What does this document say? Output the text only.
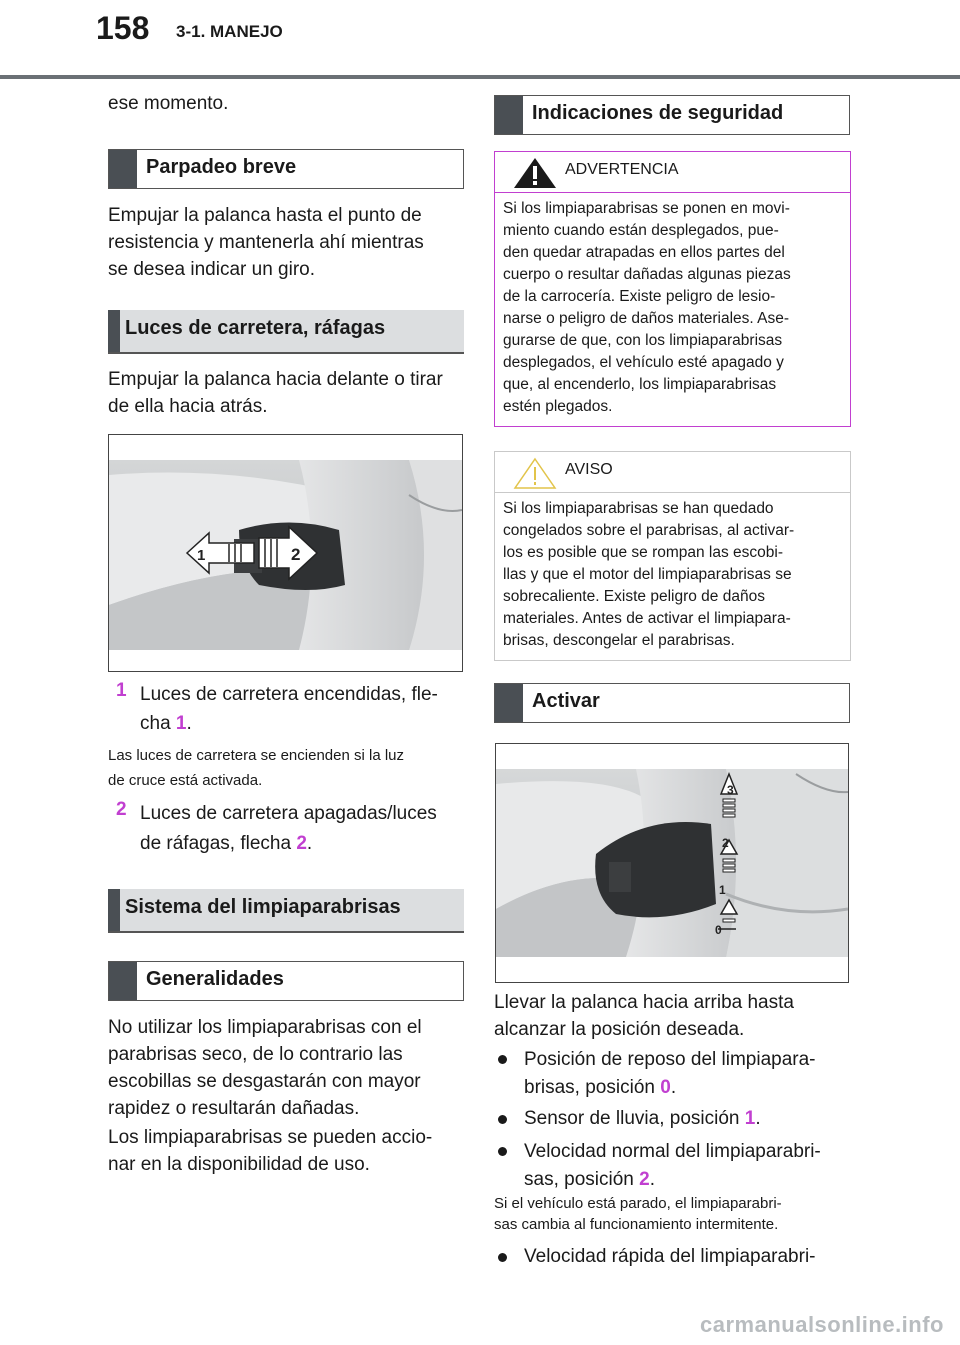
158 3-1. MANEJO

ese momento.

Parpadeo breve

Empujar la palanca hasta el punto de

resistencia y mantenerla ahí mientras

se desea indicar un giro.

Luces de carretera, ráfagas

Empujar la palanca hacia delante o tirar

de ella hacia atrás.

1	2
1 Luces de carretera encendidas, fle-
cha 1.
Las luces de carretera se encienden si la luz
de cruce está activada.
2 Luces de carretera apagadas/luces
de ráfagas, flecha 2.
Sistema del limpiaparabrisas
Generalidades

No utilizar los limpiaparabrisas con el

parabrisas seco, de lo contrario las

escobillas se desgastarán con mayor

rapidez o resultarán dañadas.

Los limpiaparabrisas se pueden accio-

nar en la disponibilidad de uso.

Indicaciones de seguridad
ADVERTENCIA
Si los limpiaparabrisas se ponen en movi-
miento cuando están desplegados, pue-
den quedar atrapadas en ellos partes del
cuerpo o resultar dañadas algunas piezas
de la carrocería. Existe peligro de lesio-
narse o peligro de daños materiales. Ase-
gurarse de que, con los limpiaparabrisas
desplegados, el vehículo esté apagado y
que, al encenderlo, los limpiaparabrisas
estén plegados.
AVISO
Si los limpiaparabrisas se han quedado
congelados sobre el parabrisas, al activar-
los es posible que se rompan las escobi-
llas y que el motor del limpiaparabrisas se
sobrecaliente. Existe peligro de daños
materiales. Antes de activar el limpiapara-
brisas, descongelar el parabrisas.
Activar
3
2
1
0

Llevar la palanca hacia arriba hasta

alcanzar la posición deseada.

Posición de reposo del limpiapara-
brisas, posición 0.
Sensor de lluvia, posición 1.
Velocidad normal del limpiaparabri-
sas, posición 2.
Si el vehículo está parado, el limpiaparabri-
sas cambia al funcionamiento intermitente.
Velocidad rápida del limpiaparabri-
carmanualsonline.info
